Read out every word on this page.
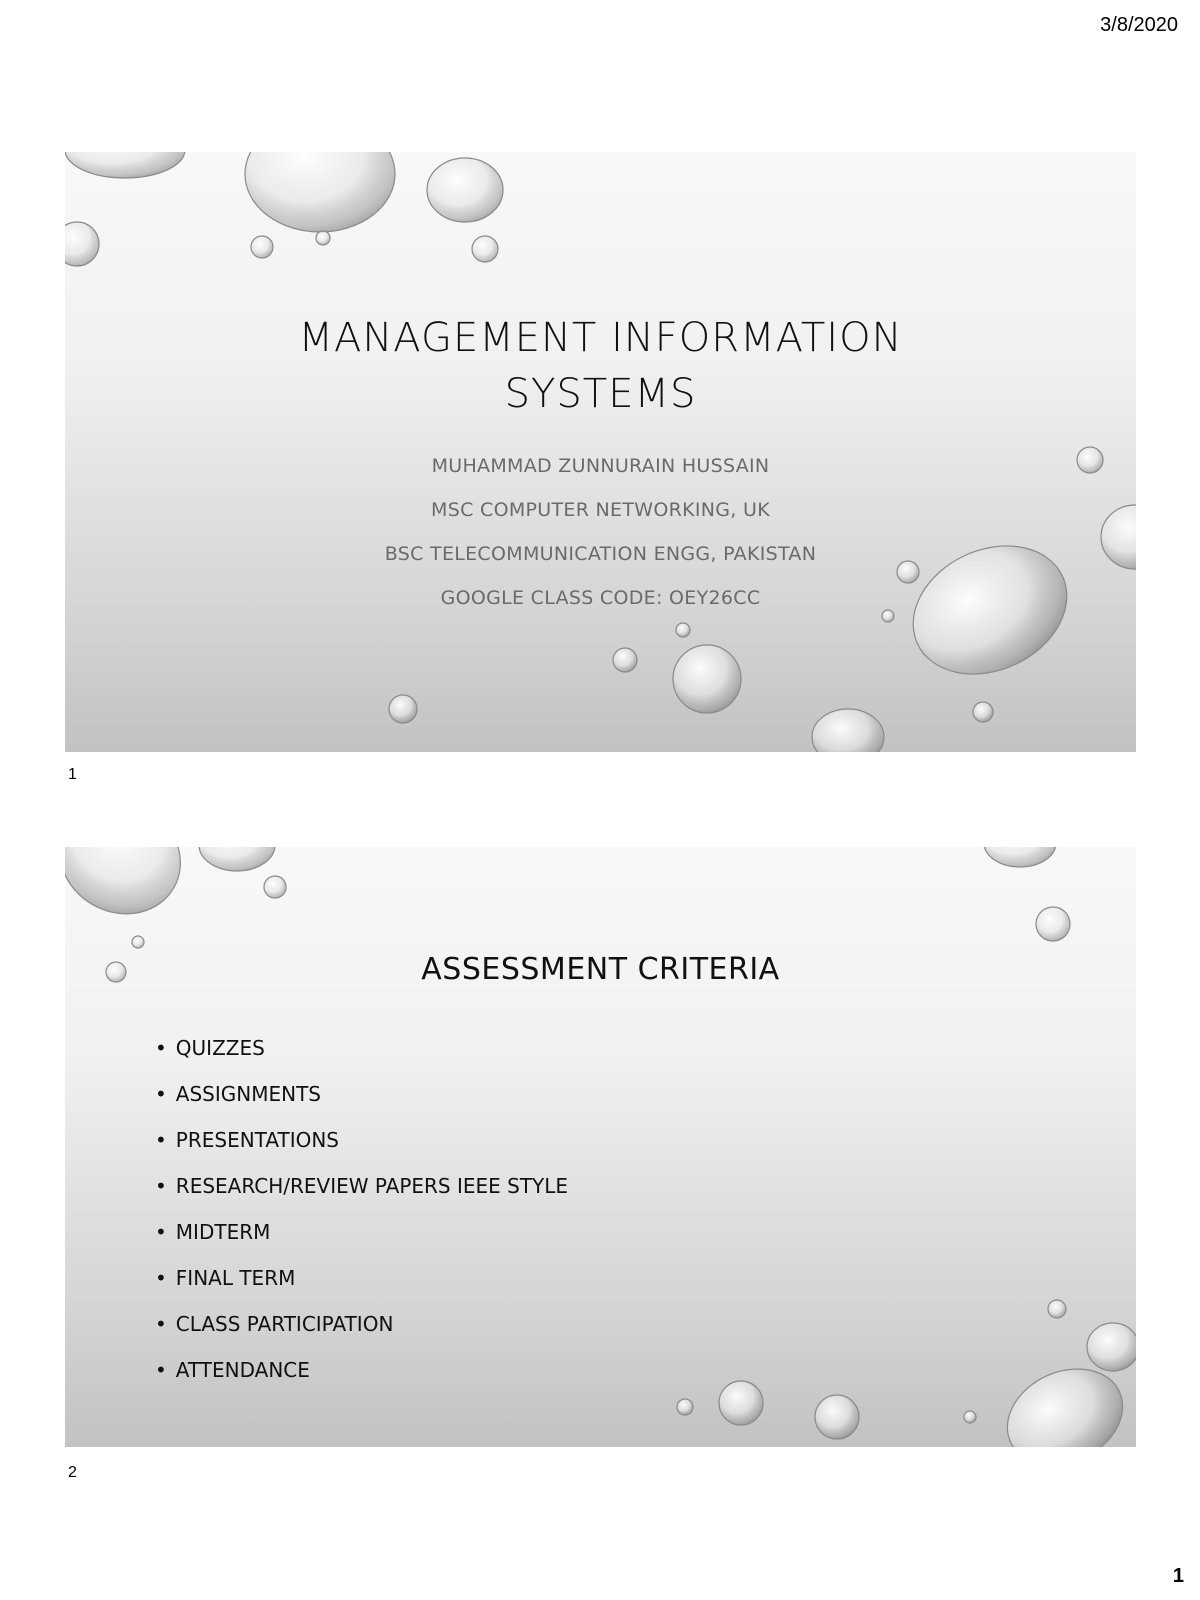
3/8/2020
MANAGEMENT INFORMATION
SYSTEMS
MUHAMMAD ZUNNURAIN HUSSAIN
MSC COMPUTER NETWORKING, UK
BSC TELECOMMUNICATION ENGG, PAKISTAN
GOOGLE CLASS CODE: OEY26CC
1
ASSESSMENT CRITERIA
• QUIZZES
• ASSIGNMENTS
• PRESENTATIONS
• RESEARCH/REVIEW PAPERS IEEE STYLE
• MIDTERM
• FINAL TERM
• CLASS PARTICIPATION
• ATTENDANCE
2
1
